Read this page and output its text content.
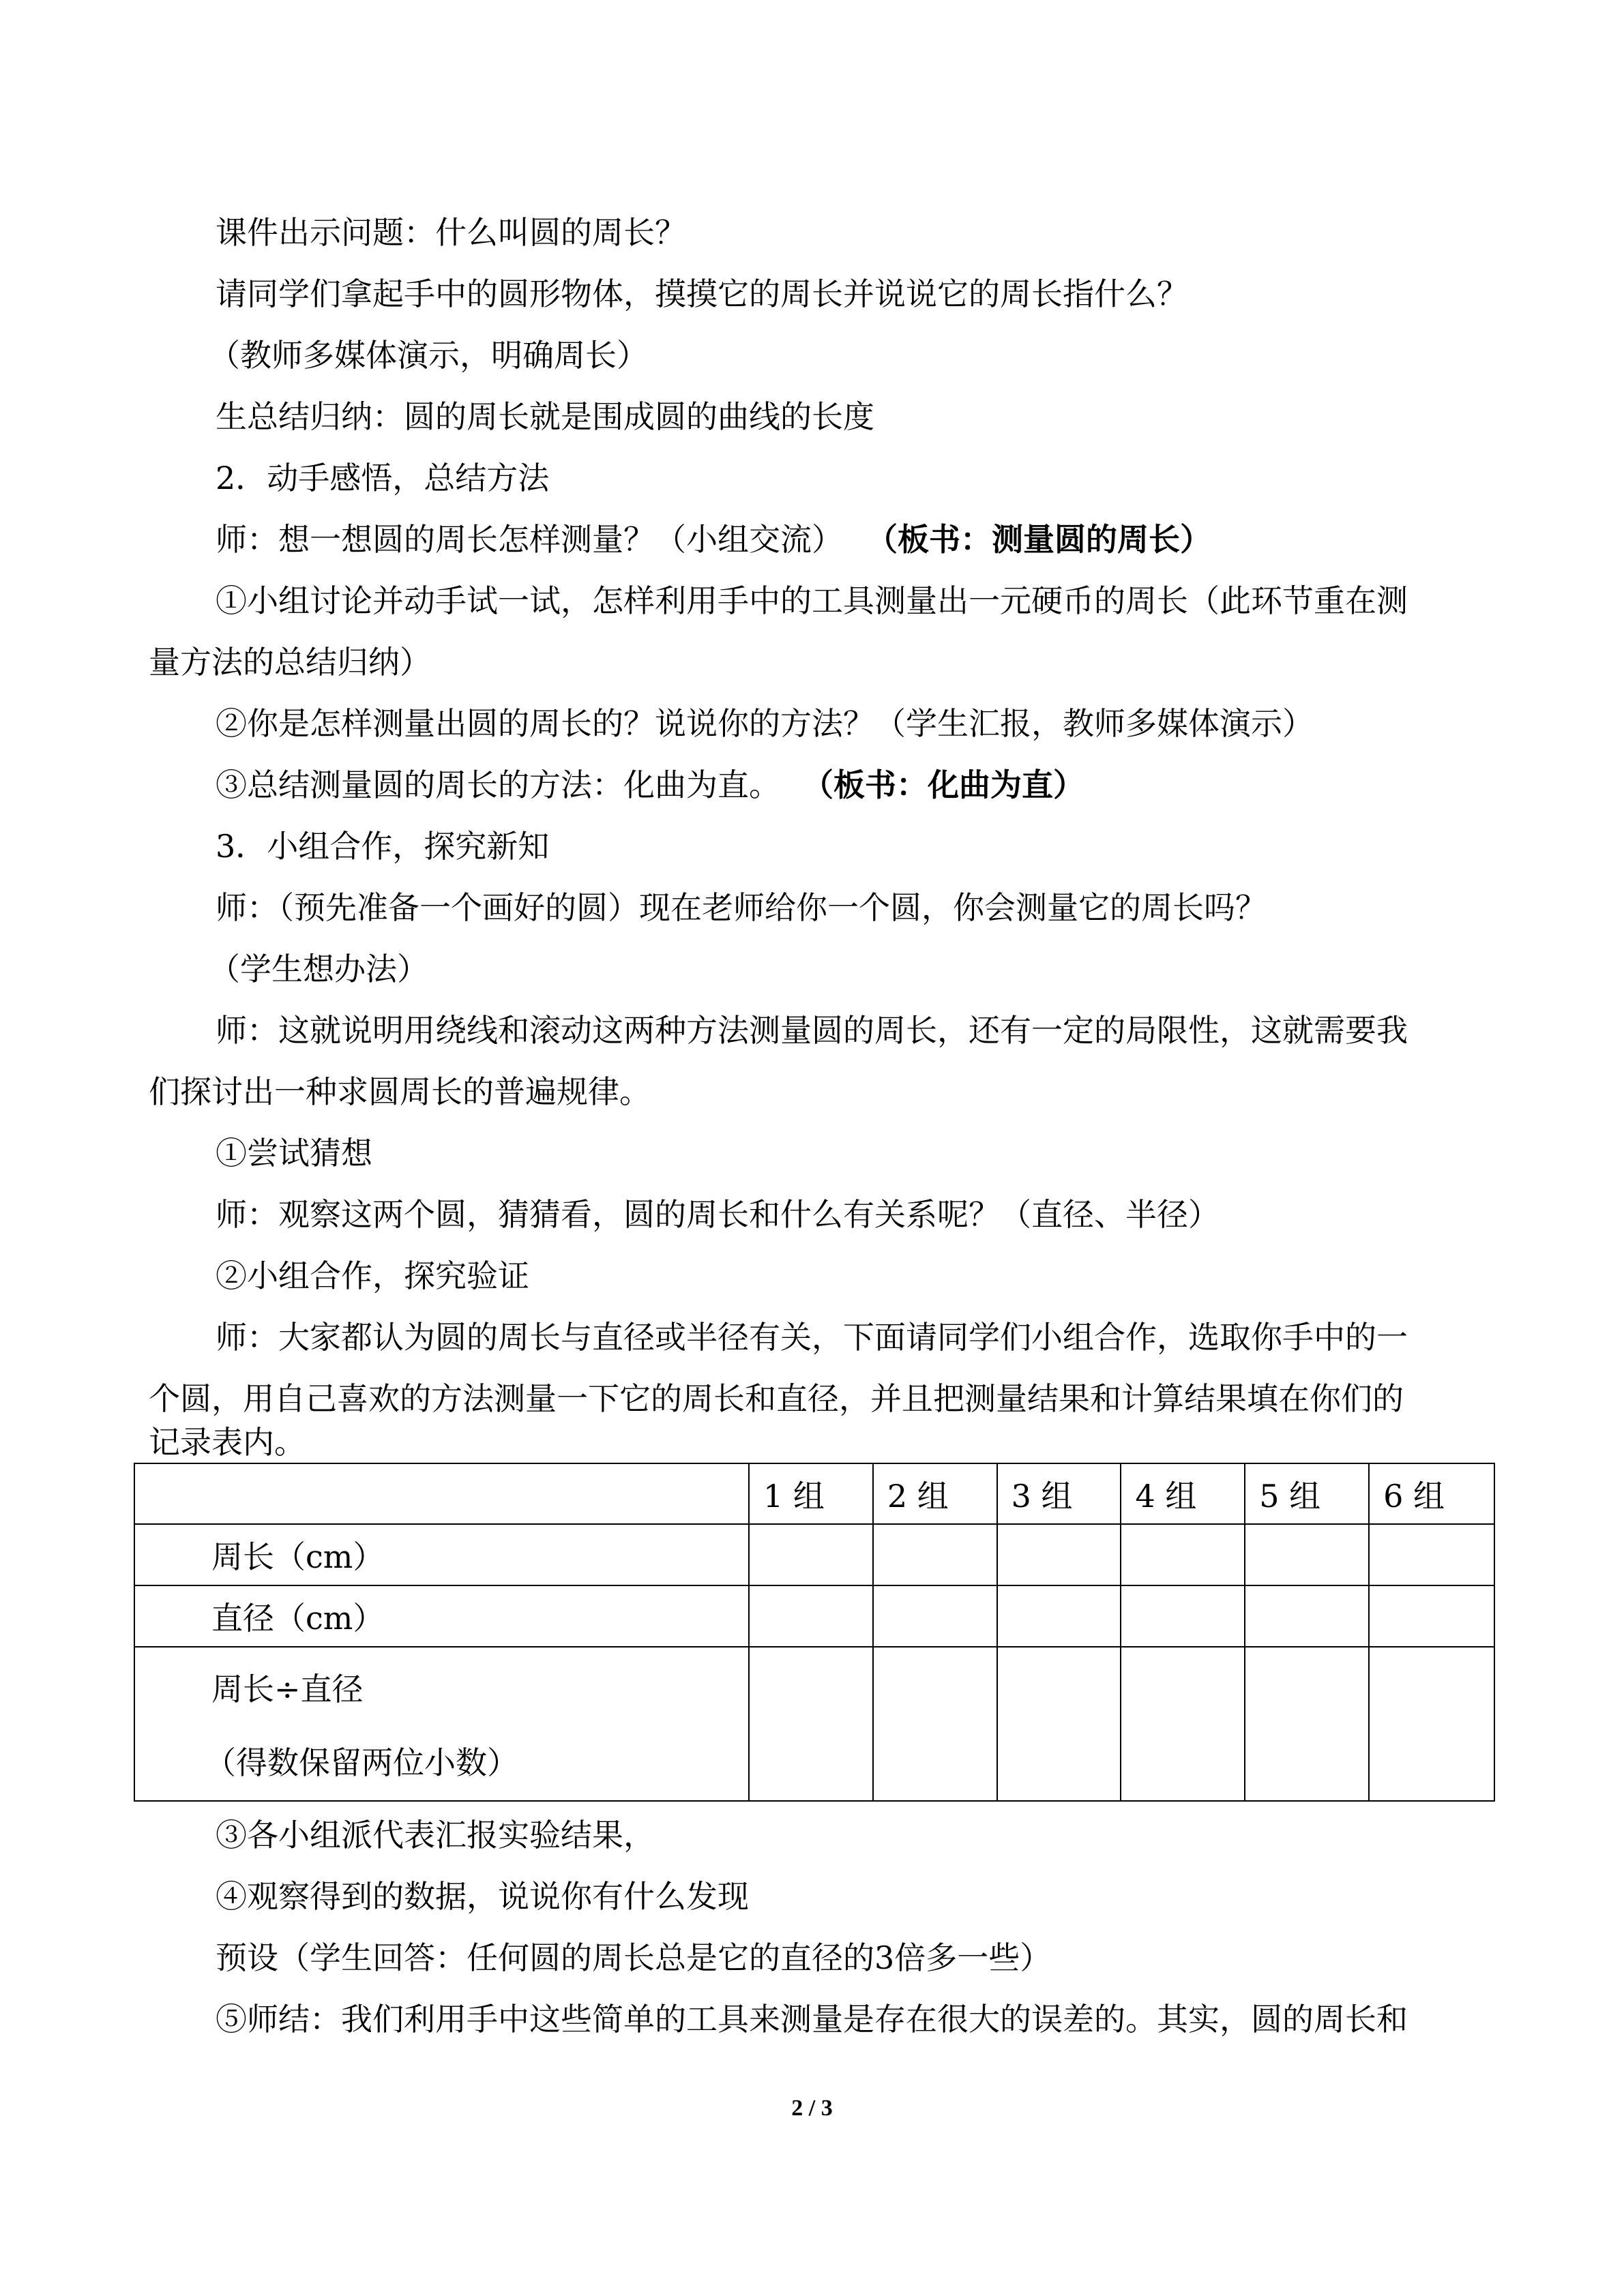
课件出示问题：什么叫圆的周长？
请同学们拿起手中的圆形物体，摸摸它的周长并说说它的周长指什么？
（教师多媒体演示，明确周长）
生总结归纳：圆的周长就是围成圆的曲线的长度
2．动手感悟，总结方法
师：想一想圆的周长怎样测量？（小组交流） （板书：测量圆的周长）
①小组讨论并动手试一试，怎样利用手中的工具测量出一元硬币的周长（此环节重在测
量方法的总结归纳）
②你是怎样测量出圆的周长的？说说你的方法？（学生汇报，教师多媒体演示）
③总结测量圆的周长的方法：化曲为直。 （板书：化曲为直）
3．小组合作，探究新知
师：（预先准备一个画好的圆）现在老师给你一个圆，你会测量它的周长吗？
（学生想办法）
师：这就说明用绕线和滚动这两种方法测量圆的周长，还有一定的局限性，这就需要我
们探讨出一种求圆周长的普遍规律。
①尝试猜想
师：观察这两个圆，猜猜看，圆的周长和什么有关系呢？（直径、半径）
②小组合作，探究验证
师：大家都认为圆的周长与直径或半径有关，下面请同学们小组合作，选取你手中的一
个圆，用自己喜欢的方法测量一下它的周长和直径，并且把测量结果和计算结果填在你们的
记录表内。
	1 组	2 组	3 组	4 组	5 组	6 组
周长（cm）						
直径（cm）						

周长÷直径
（得数保留两位小数）						

③各小组派代表汇报实验结果，
④观察得到的数据，说说你有什么发现
预设（学生回答：任何圆的周长总是它的直径的3倍多一些）
⑤师结：我们利用手中这些简单的工具来测量是存在很大的误差的。其实，圆的周长和
2 / 3
